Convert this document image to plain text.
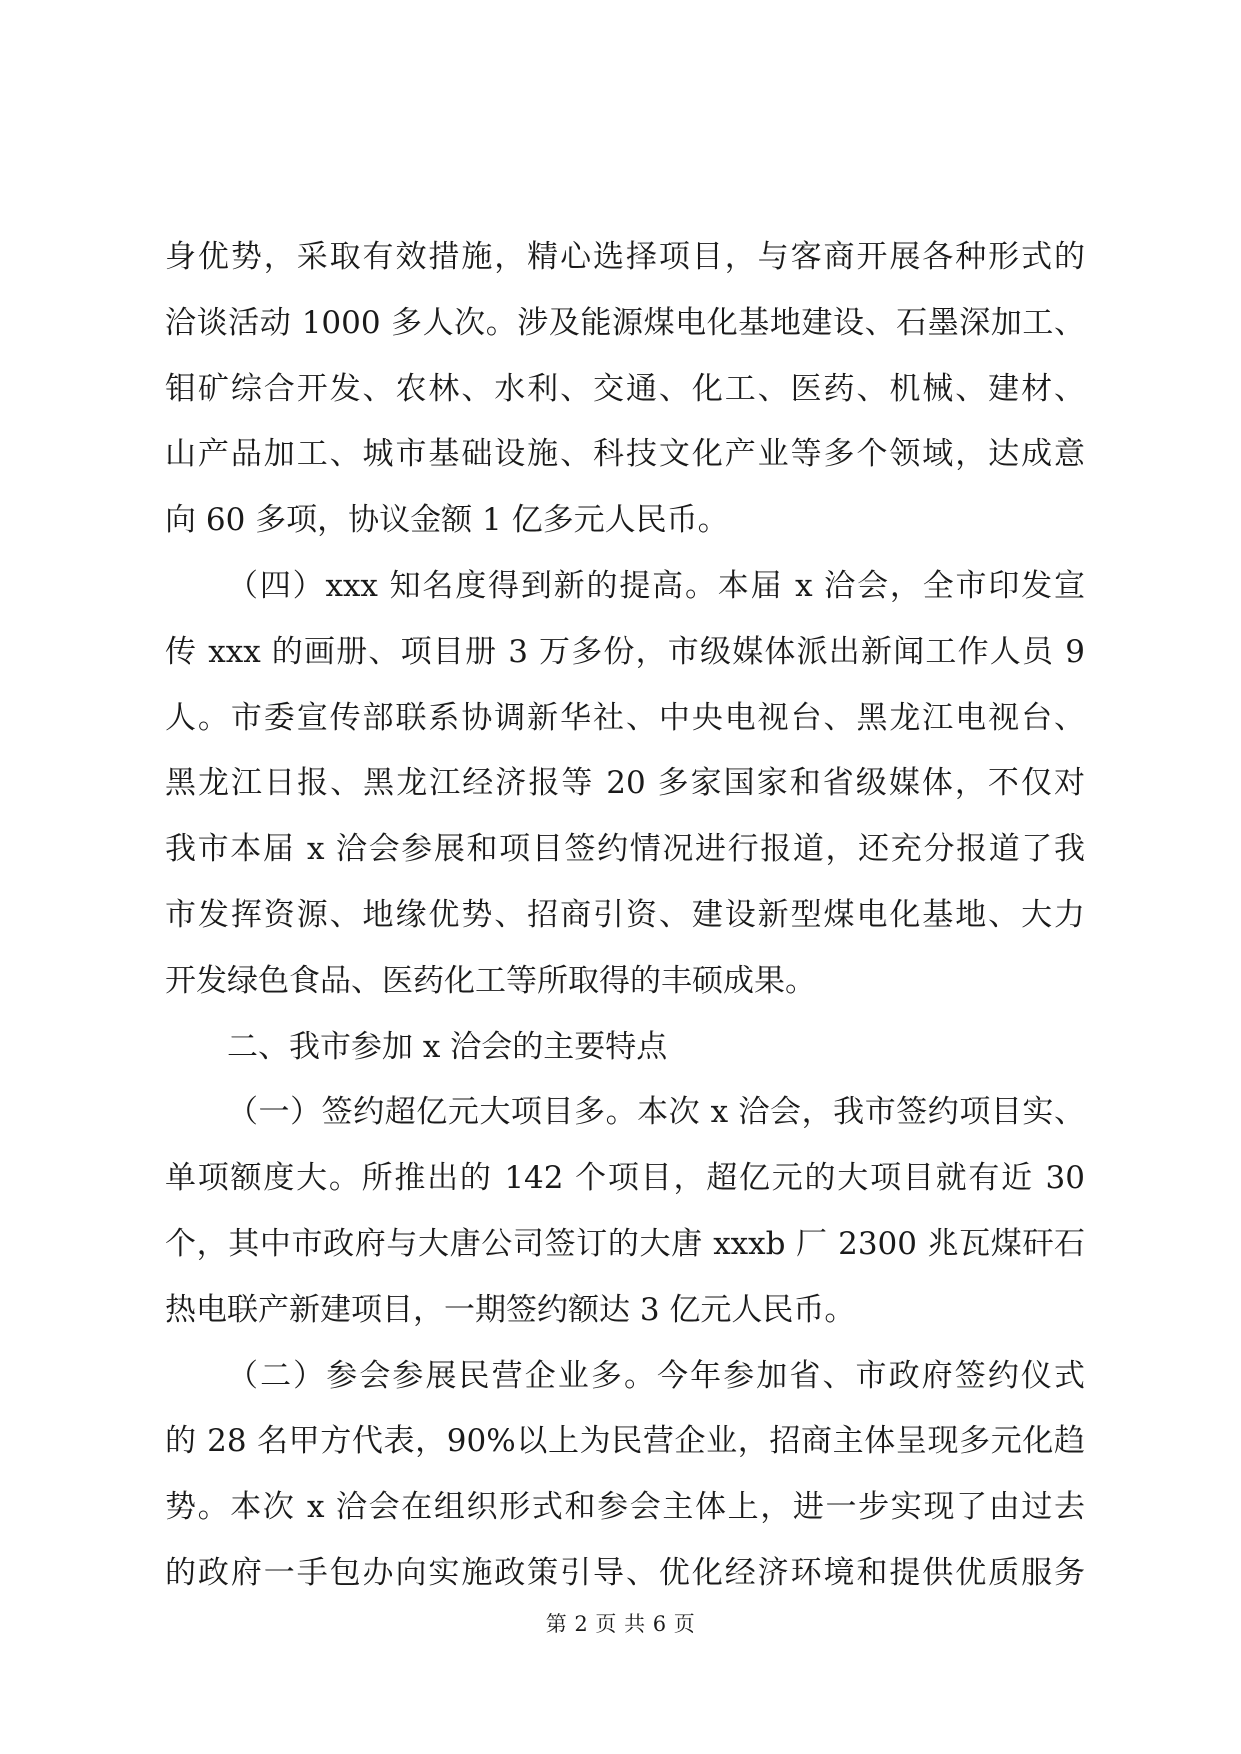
身优势，采取有效措施，精心选择项目，与客商开展各种形式的
洽谈活动 1000 多人次。涉及能源煤电化基地建设、石墨深加工、
钼矿综合开发、农林、水利、交通、化工、医药、机械、建材、
山产品加工、城市基础设施、科技文化产业等多个领域，达成意
向 60 多项，协议金额 1 亿多元人民币。
（四）xxx 知名度得到新的提高。本届 x 洽会，全市印发宣
传 xxx 的画册、项目册 3 万多份，市级媒体派出新闻工作人员 9
人。市委宣传部联系协调新华社、中央电视台、黑龙江电视台、
黑龙江日报、黑龙江经济报等 20 多家国家和省级媒体，不仅对
我市本届 x 洽会参展和项目签约情况进行报道，还充分报道了我
市发挥资源、地缘优势、招商引资、建设新型煤电化基地、大力
开发绿色食品、医药化工等所取得的丰硕成果。
二、我市参加 x 洽会的主要特点
（一）签约超亿元大项目多。本次 x 洽会，我市签约项目实、
单项额度大。所推出的 142 个项目，超亿元的大项目就有近 30
个，其中市政府与大唐公司签订的大唐 xxxb 厂 2300 兆瓦煤矸石
热电联产新建项目，一期签约额达 3 亿元人民币。
（二）参会参展民营企业多。今年参加省、市政府签约仪式
的 28 名甲方代表，90%以上为民营企业，招商主体呈现多元化趋
势。本次 x 洽会在组织形式和参会主体上，进一步实现了由过去
的政府一手包办向实施政策引导、优化经济环境和提供优质服务
第 2 页 共 6 页
